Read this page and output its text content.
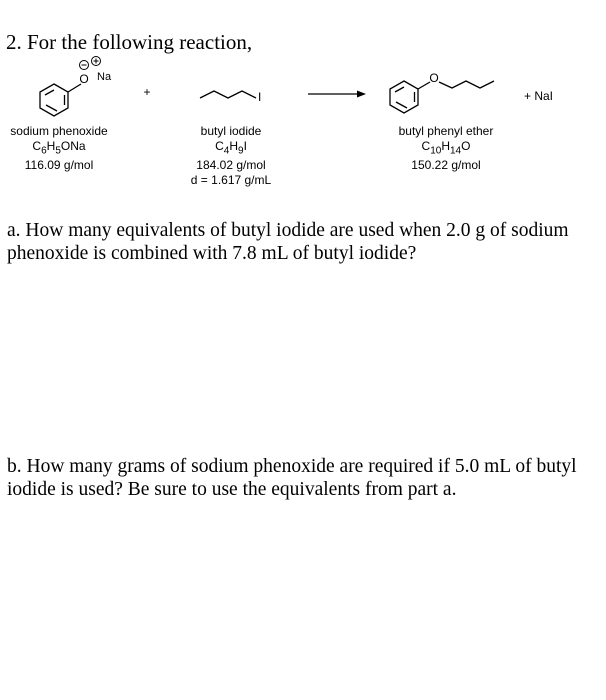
2. For the following reaction,
O Na
+	I
O
+ NaI
sodium phenoxide
$C_6H_5ONa$
116.09 g/mol
butyl iodide
$C_4H_9I$
184.02 g/mol
d = 1.617 g/mL
butyl phenyl ether
$C_{10}H_{14}O$
150.22 g/mol
a. How many equivalents of butyl iodide are used when 2.0 g of sodium phenoxide is combined with 7.8 mL of butyl iodide?
b. How many grams of sodium phenoxide are required if 5.0 mL of butyl iodide is used? Be sure to use the equivalents from part a.
